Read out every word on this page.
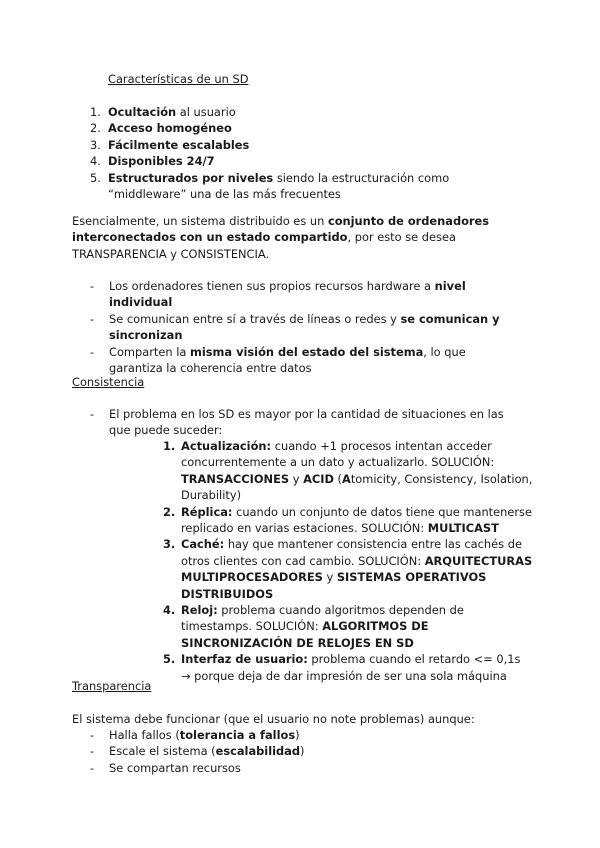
Características de un SD
1. Ocultación al usuario
2. Acceso homogéneo
3. Fácilmente escalables
4. Disponibles 24/7
5. Estructurados por niveles siendo la estructuración como “middleware” una de las más frecuentes

Esencialmente, un sistema distribuido es un conjunto de ordenadores interconectados con un estado compartido, por esto se desea TRANSPARENCIA y CONSISTENCIA.

- Los ordenadores tienen sus propios recursos hardware a nivel individual
- Se comunican entre sí a través de líneas o redes y se comunican y sincronizan
- Comparten la misma visión del estado del sistema, lo que garantiza la coherencia entre datos
Consistencia
- El problema en los SD es mayor por la cantidad de situaciones en las que puede suceder:
1. Actualización: cuando +1 procesos intentan acceder concurrentemente a un dato y actualizarlo. SOLUCIÓN: TRANSACCIONES y ACID (Atomicity, Consistency, Isolation, Durability)
2. Réplica: cuando un conjunto de datos tiene que mantenerse replicado en varias estaciones. SOLUCIÓN: MULTICAST
3. Caché: hay que mantener consistencia entre las cachés de otros clientes con cad cambio. SOLUCIÓN: ARQUITECTURAS MULTIPROCESADORES y SISTEMAS OPERATIVOS DISTRIBUIDOS
4. Reloj: problema cuando algoritmos dependen de timestamps. SOLUCIÓN: ALGORITMOS DE SINCRONIZACIÓN DE RELOJES EN SD
5. Interfaz de usuario: problema cuando el retardo <= 0,1s → porque deja de dar impresión de ser una sola máquina
Transparencia
El sistema debe funcionar (que el usuario no note problemas) aunque:
- Halla fallos (tolerancia a fallos)
- Escale el sistema (escalabilidad)
- Se compartan recursos
